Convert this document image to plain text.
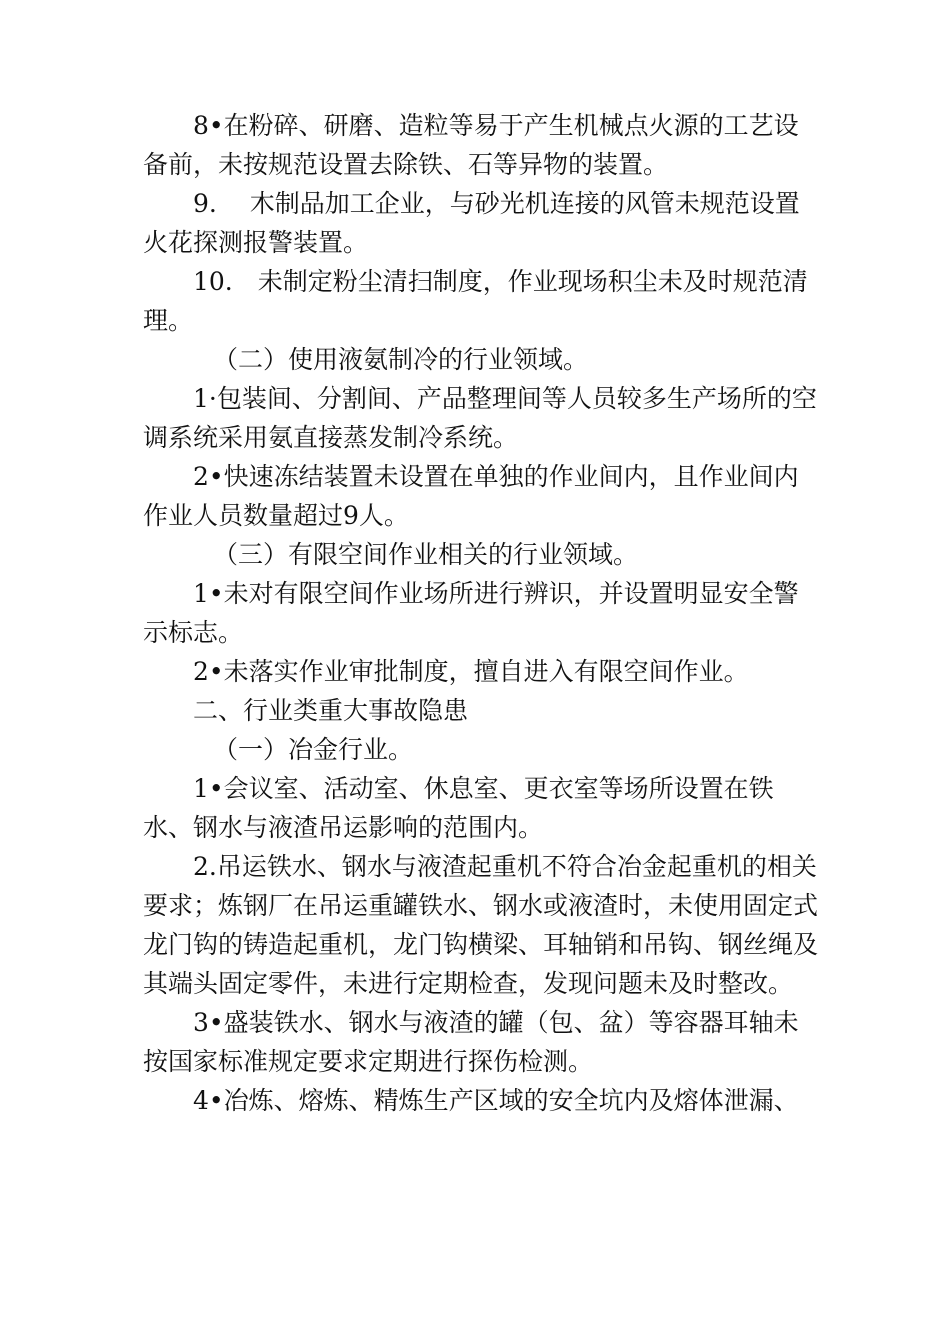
8•在粉碎、研磨、造粒等易于产生机械点火源的工艺设备前，未按规范设置去除铁、石等异物的装置。

9.　 木制品加工企业，与砂光机连接的风管未规范设置火花探测报警装置。

10.　未制定粉尘清扫制度，作业现场积尘未及时规范清理。

（二）使用液氨制冷的行业领域。

1·包装间、分割间、产品整理间等人员较多生产场所的空调系统采用氨直接蒸发制冷系统。

2•快速冻结装置未设置在单独的作业间内，且作业间内作业人员数量超过9人。

（三）有限空间作业相关的行业领域。

1•未对有限空间作业场所进行辨识，并设置明显安全警示标志。

2•未落实作业审批制度，擅自进入有限空间作业。

二、行业类重大事故隐患

（一）冶金行业。

1•会议室、活动室、休息室、更衣室等场所设置在铁水、钢水与液渣吊运影响的范围内。

2.吊运铁水、钢水与液渣起重机不符合冶金起重机的相关要求；炼钢厂在吊运重罐铁水、钢水或液渣时，未使用固定式龙门钩的铸造起重机，龙门钩横梁、耳轴销和吊钩、钢丝绳及其端头固定零件，未进行定期检查，发现问题未及时整改。

3•盛装铁水、钢水与液渣的罐（包、盆）等容器耳轴未按国家标准规定要求定期进行探伤检测。

4•冶炼、熔炼、精炼生产区域的安全坑内及熔体泄漏、
